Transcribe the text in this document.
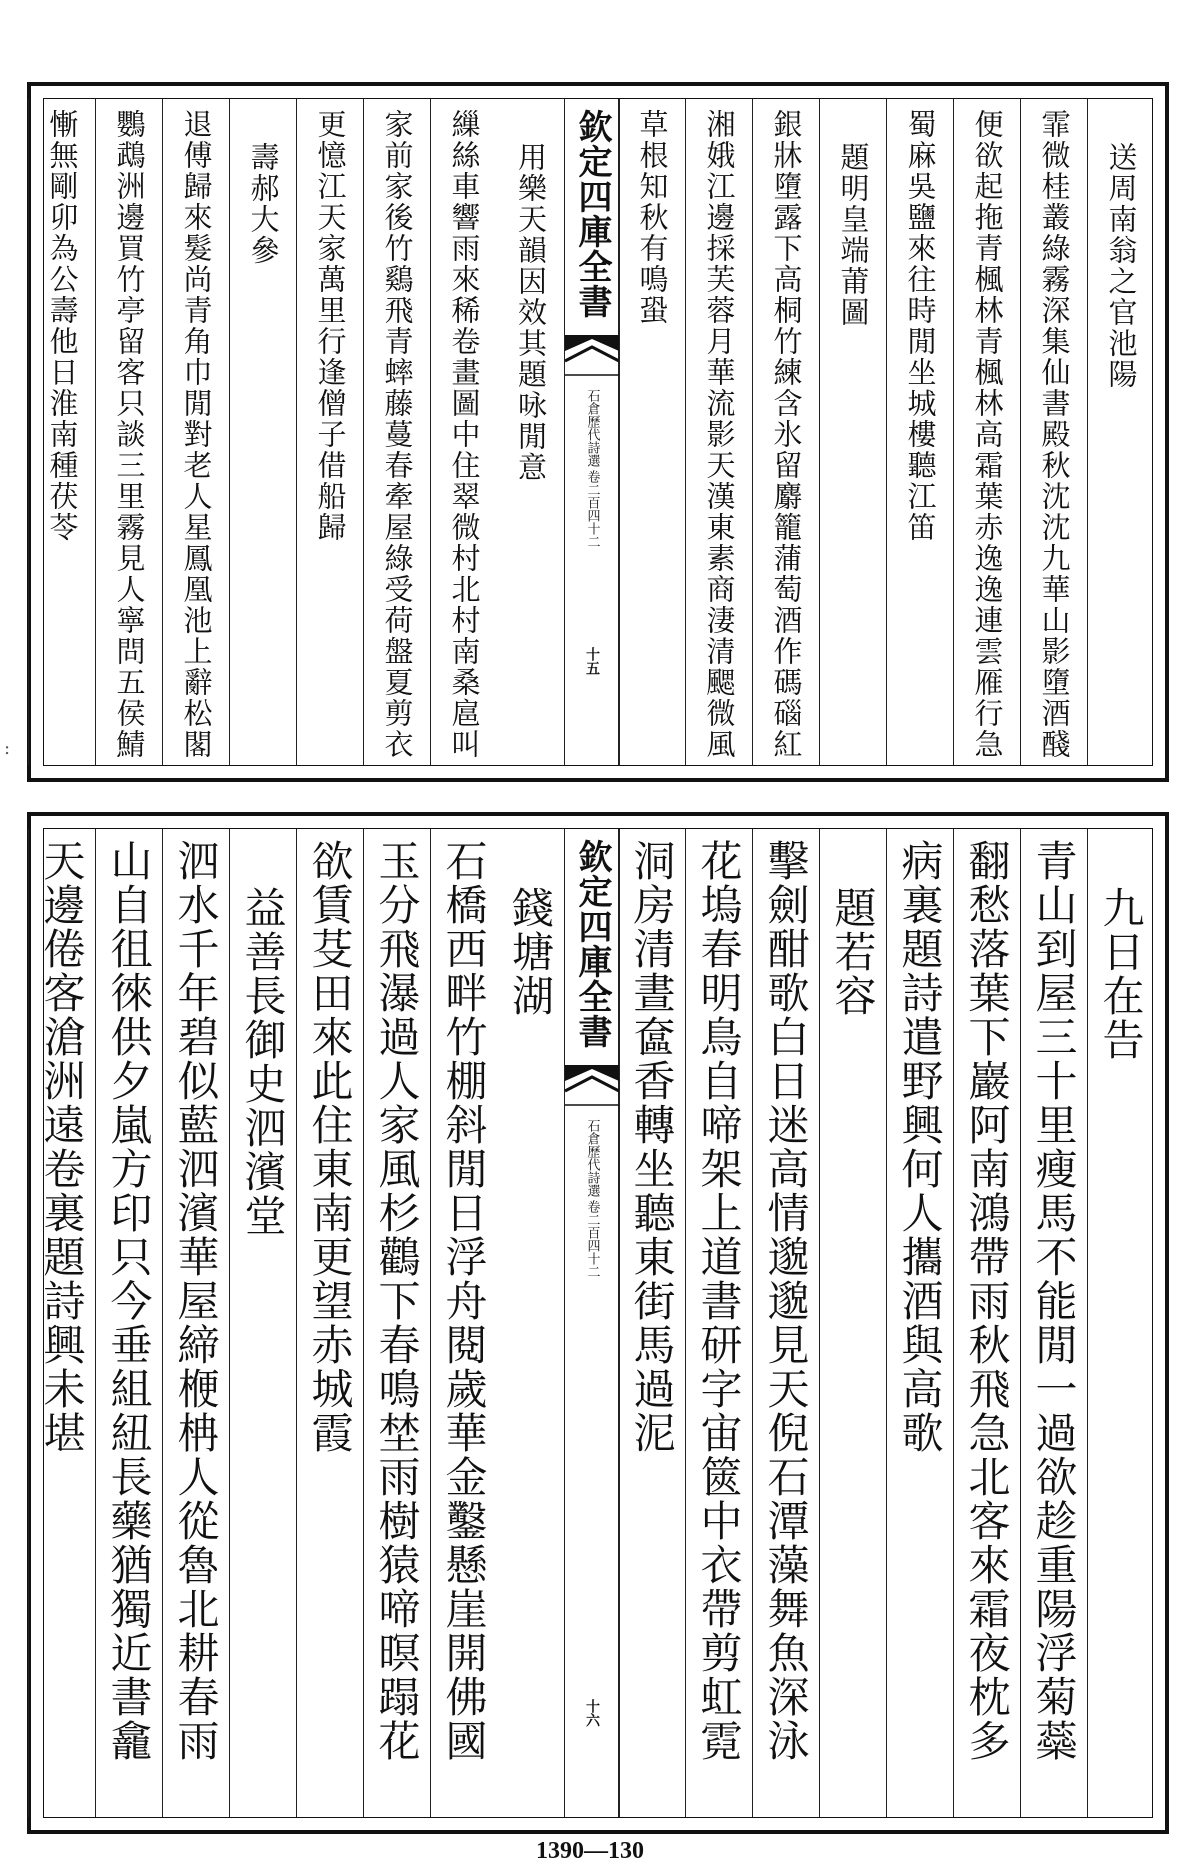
:
送周南翁之官池陽
霏微桂叢綠霧深集仙書殿秋沈沈九華山影墮酒醆
便欲起拖青楓林青楓林高霜葉赤逸逸連雲雁行急
蜀麻吳鹽來往時閒坐城樓聽江笛
題明皇端莆圖
銀牀墮露下高桐竹練含氷留麝籠蒲萄酒作碼碯紅
湘娥江邊採芙蓉月華流影天漢東素商淒清颸微風
草根知秋有鳴蛩
欽定四庫全書
石倉歷代詩選
卷二百四十二
十五
用樂天韻因效其題咏閒意
繅絲車響雨來稀卷畫圖中住翠微村北村南桑扈叫
家前家後竹鷄飛青蟀藤蔓春牽屋綠受荷盤夏剪衣
更憶江天家萬里行逢僧子借船歸
壽郝大參
退傅歸來髮尚青角巾閒對老人星鳳凰池上辭松閣
鸚鵡洲邊買竹亭留客只談三里霧見人寧問五侯鯖
慚無剛卯為公壽他日淮南種茯苓
九日在告
青山到屋三十里瘦馬不能閒一過欲趁重陽浮菊蘂
翻愁落葉下巖阿南鴻帶雨秋飛急北客來霜夜枕多
病裏題詩遣野興何人攜酒與高歌
題若容
擊劍酣歌白日迷高情邈邈見天倪石潭藻舞魚深泳
花塢春明鳥自啼架上道書研字宙篋中衣帶剪虹霓
洞房清晝奩香轉坐聽東街馬過泥
欽定四庫全書
石倉歷代詩選
卷二百四十二
十六
錢塘湖
石橋西畔竹棚斜閒日浮舟閱歲華金鑿懸崖開佛國
玉分飛瀑過人家風杉鸛下春鳴埜雨樹猿啼暝蹋花
欲賃芟田來此住東南更望赤城霞
益善長御史泗濱堂
泗水千年碧似藍泗濱華屋締楩柟人從魯北耕春雨
山自徂徠供夕嵐方印只今垂組紐長藥猶獨近書龕
天邊倦客滄洲遠卷裏題詩興未堪
1390—130
